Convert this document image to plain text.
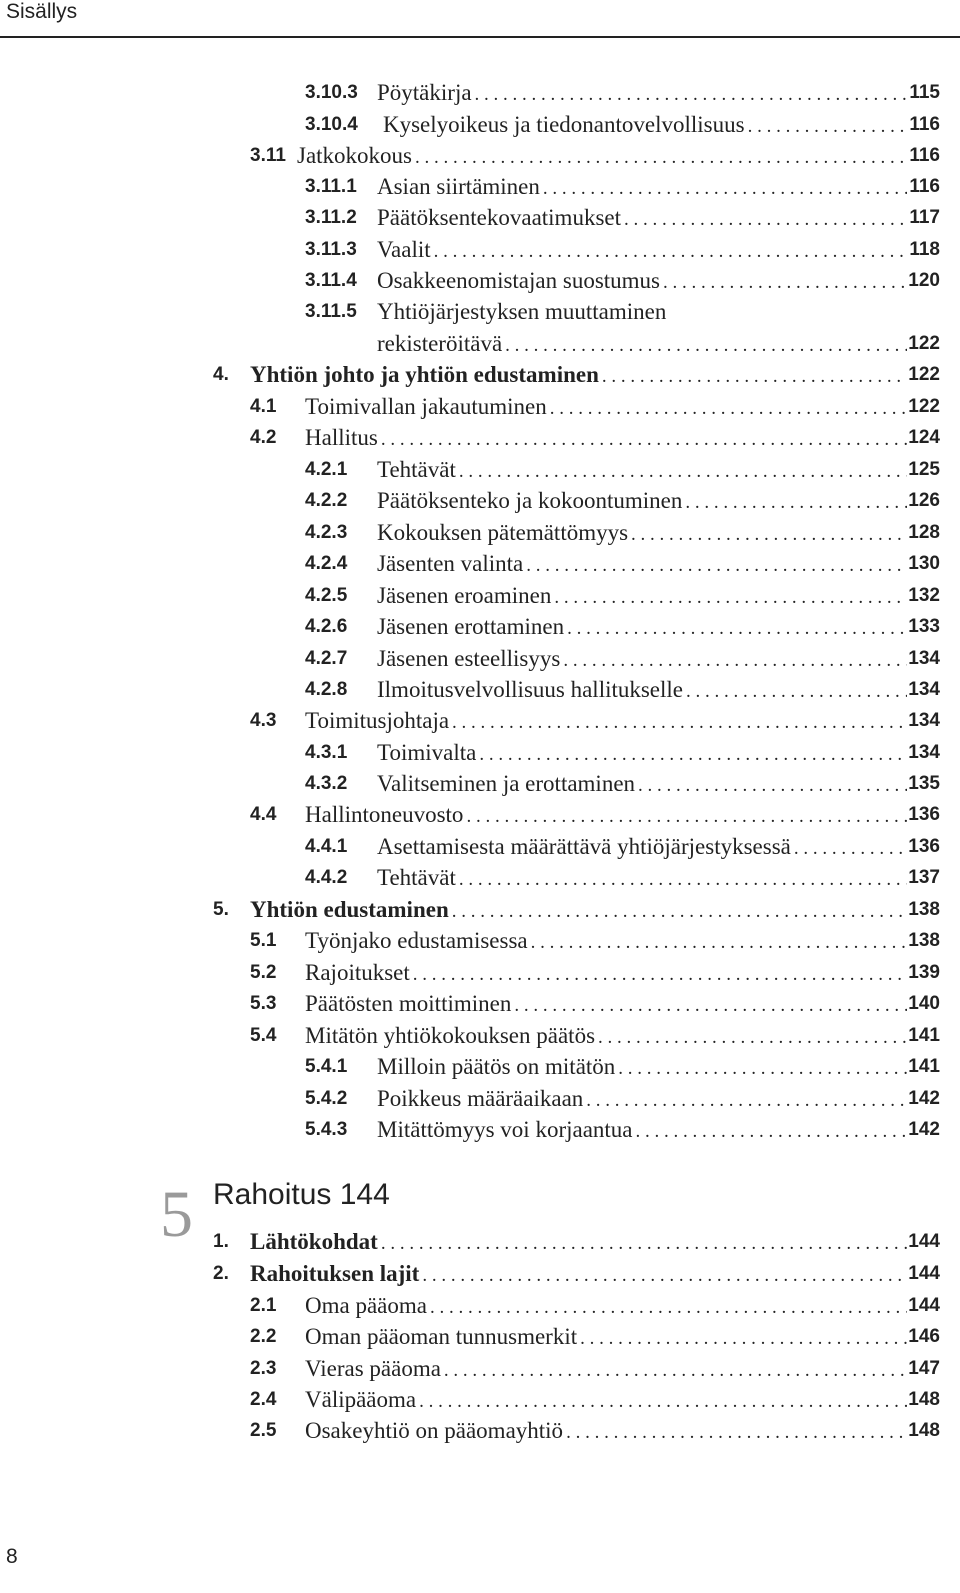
Sisällys
3.10.3 Pöytäkirja . . .	115
3.10.4 Kyselyoikeus ja tiedonantovelvollisuus . . .	116
3.11 Jatkokokous . . .	116
3.11.1 Asian siirtäminen . . .	116
3.11.2 Päätöksentekovaatimukset . . .	117
3.11.3 Vaalit . . .	118
3.11.4 Osakkeenomistajan suostumus . . .	120
3.11.5 Yhtiöjärjestyksen muuttaminen
rekisteröitävä . . .	122
4. Yhtiön johto ja yhtiön edustaminen . . .	122
4.1 Toimivallan jakautuminen . . .	122
4.2 Hallitus . . .	124
4.2.1 Tehtävät . . .	125
4.2.2 Päätöksenteko ja kokoontuminen . . .	126
4.2.3 Kokouksen pätemättömyys . . .	128
4.2.4 Jäsenten valinta . . .	130
4.2.5 Jäsenen eroaminen . . .	132
4.2.6 Jäsenen erottaminen . . .	133
4.2.7 Jäsenen esteellisyys . . .	134
4.2.8 Ilmoitusvelvollisuus hallitukselle . . .	134
4.3 Toimitusjohtaja . . .	134
4.3.1 Toimivalta . . .	134
4.3.2 Valitseminen ja erottaminen . . .	135
4.4 Hallintoneuvosto . . .	136
4.4.1 Asettamisesta määrättävä yhtiöjärjestyksessä . . .	136
4.4.2 Tehtävät . . .	137
5. Yhtiön edustaminen . . .	138
5.1 Työnjako edustamisessa . . .	138
5.2 Rajoitukset . . .	139
5.3 Päätösten moittiminen . . .	140
5.4 Mitätön yhtiökokouksen päätös . . .	141
5.4.1 Milloin päätös on mitätön . . .	141
5.4.2 Poikkeus määräaikaan . . .	142
5.4.3 Mitättömyys voi korjaantua . . .	142
1. Lähtökohdat . . .	144
2. Rahoituksen lajit . . .	144
2.1 Oma pääoma . . .	144
2.2 Oman pääoman tunnusmerkit . . .	146
2.3 Vieras pääoma . . .	147
2.4 Välipääoma . . .	148
2.5 Osakeyhtiö on pääomayhtiö . . .	148
5 Rahoitus 144
8
